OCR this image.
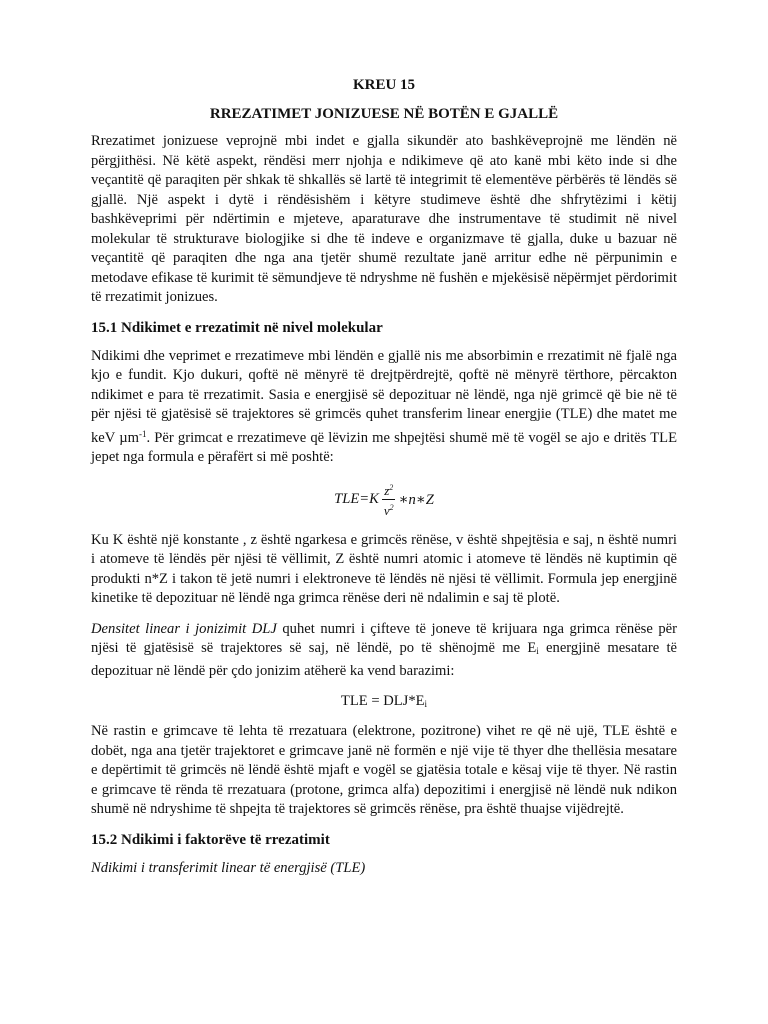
KREU 15
RREZATIMET JONIZUESE NË BOTËN E GJALLË

Rrezatimet jonizuese veprojnë mbi indet e gjalla sikundër ato bashkëveprojnë me lëndën në përgjithësi. Në këtë aspekt, rëndësi merr njohja e ndikimeve që ato kanë mbi këto inde si dhe veçantitë që paraqiten për shkak të shkallës së lartë të integrimit të elementëve përbërës të lëndës së gjallë. Një aspekt i dytë i rëndësishëm i këtyre studimeve është dhe shfrytëzimi i këtij bashkëveprimi për ndërtimin e mjeteve, aparaturave dhe instrumentave të studimit në nivel molekular të strukturave biologjike si dhe të indeve e organizmave të gjalla, duke u bazuar në veçantitë që paraqiten dhe nga ana tjetër shumë rezultate janë arritur edhe në përpunimin e metodave efikase të kurimit të sëmundjeve të ndryshme në fushën e mjekësisë nëpërmjet përdorimit të rrezatimit jonizues.

15.1 Ndikimet e rrezatimit në nivel molekular

Ndikimi dhe veprimet e rrezatimeve mbi lëndën e gjallë nis me absorbimin e rrezatimit në fjalë nga kjo e fundit. Kjo dukuri, qoftë në mënyrë të drejtpërdrejtë, qoftë në mënyrë tërthore, përcakton ndikimet e para të rrezatimit. Sasia e energjisë së depozituar në lëndë, nga një grimcë që bie në të për njësi të gjatësisë së trajektores së grimcës quhet transferim linear energjie (TLE) dhe matet me keV µm$^{-1}$. Për grimcat e rrezatimeve që lëvizin me shpejtësi shumë më të vogël se ajo e dritës TLE jepet nga formula e përafërt si më poshtë:

TLE = K $\frac{z^2}{v^2}$ ∗n∗Z

Ku K është një konstante , z është ngarkesa e grimcës rënëse, v është shpejtësia e saj, n është numri i atomeve të lëndës për njësi të vëllimit, Z është numri atomic i atomeve të lëndës në kuptimin që produkti n*Z i takon të jetë numri i elektroneve të lëndës në njësi të vëllimit. Formula jep energjinë kinetike të depozituar në lëndë nga grimca rënëse deri në ndalimin e saj të plotë.

Densitet linear i jonizimit DLJ quhet numri i çifteve të joneve të krijuara nga grimca rënëse për njësi të gjatësisë së trajektores së saj, në lëndë, po të shënojmë me $E_i$ energjinë mesatare të depozituar në lëndë për çdo jonizim atëherë ka vend barazimi:

TLE = $DLJ*E_i$

Në rastin e grimcave të lehta të rrezatuara (elektrone, pozitrone) vihet re që në ujë, TLE është e dobët, nga ana tjetër trajektoret e grimcave janë në formën e një vije të thyer dhe thellësia mesatare e depërtimit të grimcës në lëndë është mjaft e vogël se gjatësia totale e kësaj vije të thyer. Në rastin e grimcave të rënda të rrezatuara (protone, grimca alfa) depozitimi i energjisë në lëndë nuk ndikon shumë në ndryshime të shpejta të trajektores së grimcës rënëse, pra është thuajse vijëdrejtë.

15.2 Ndikimi i faktorëve të rrezatimit

Ndikimi i transferimit linear të energjisë (TLE)
